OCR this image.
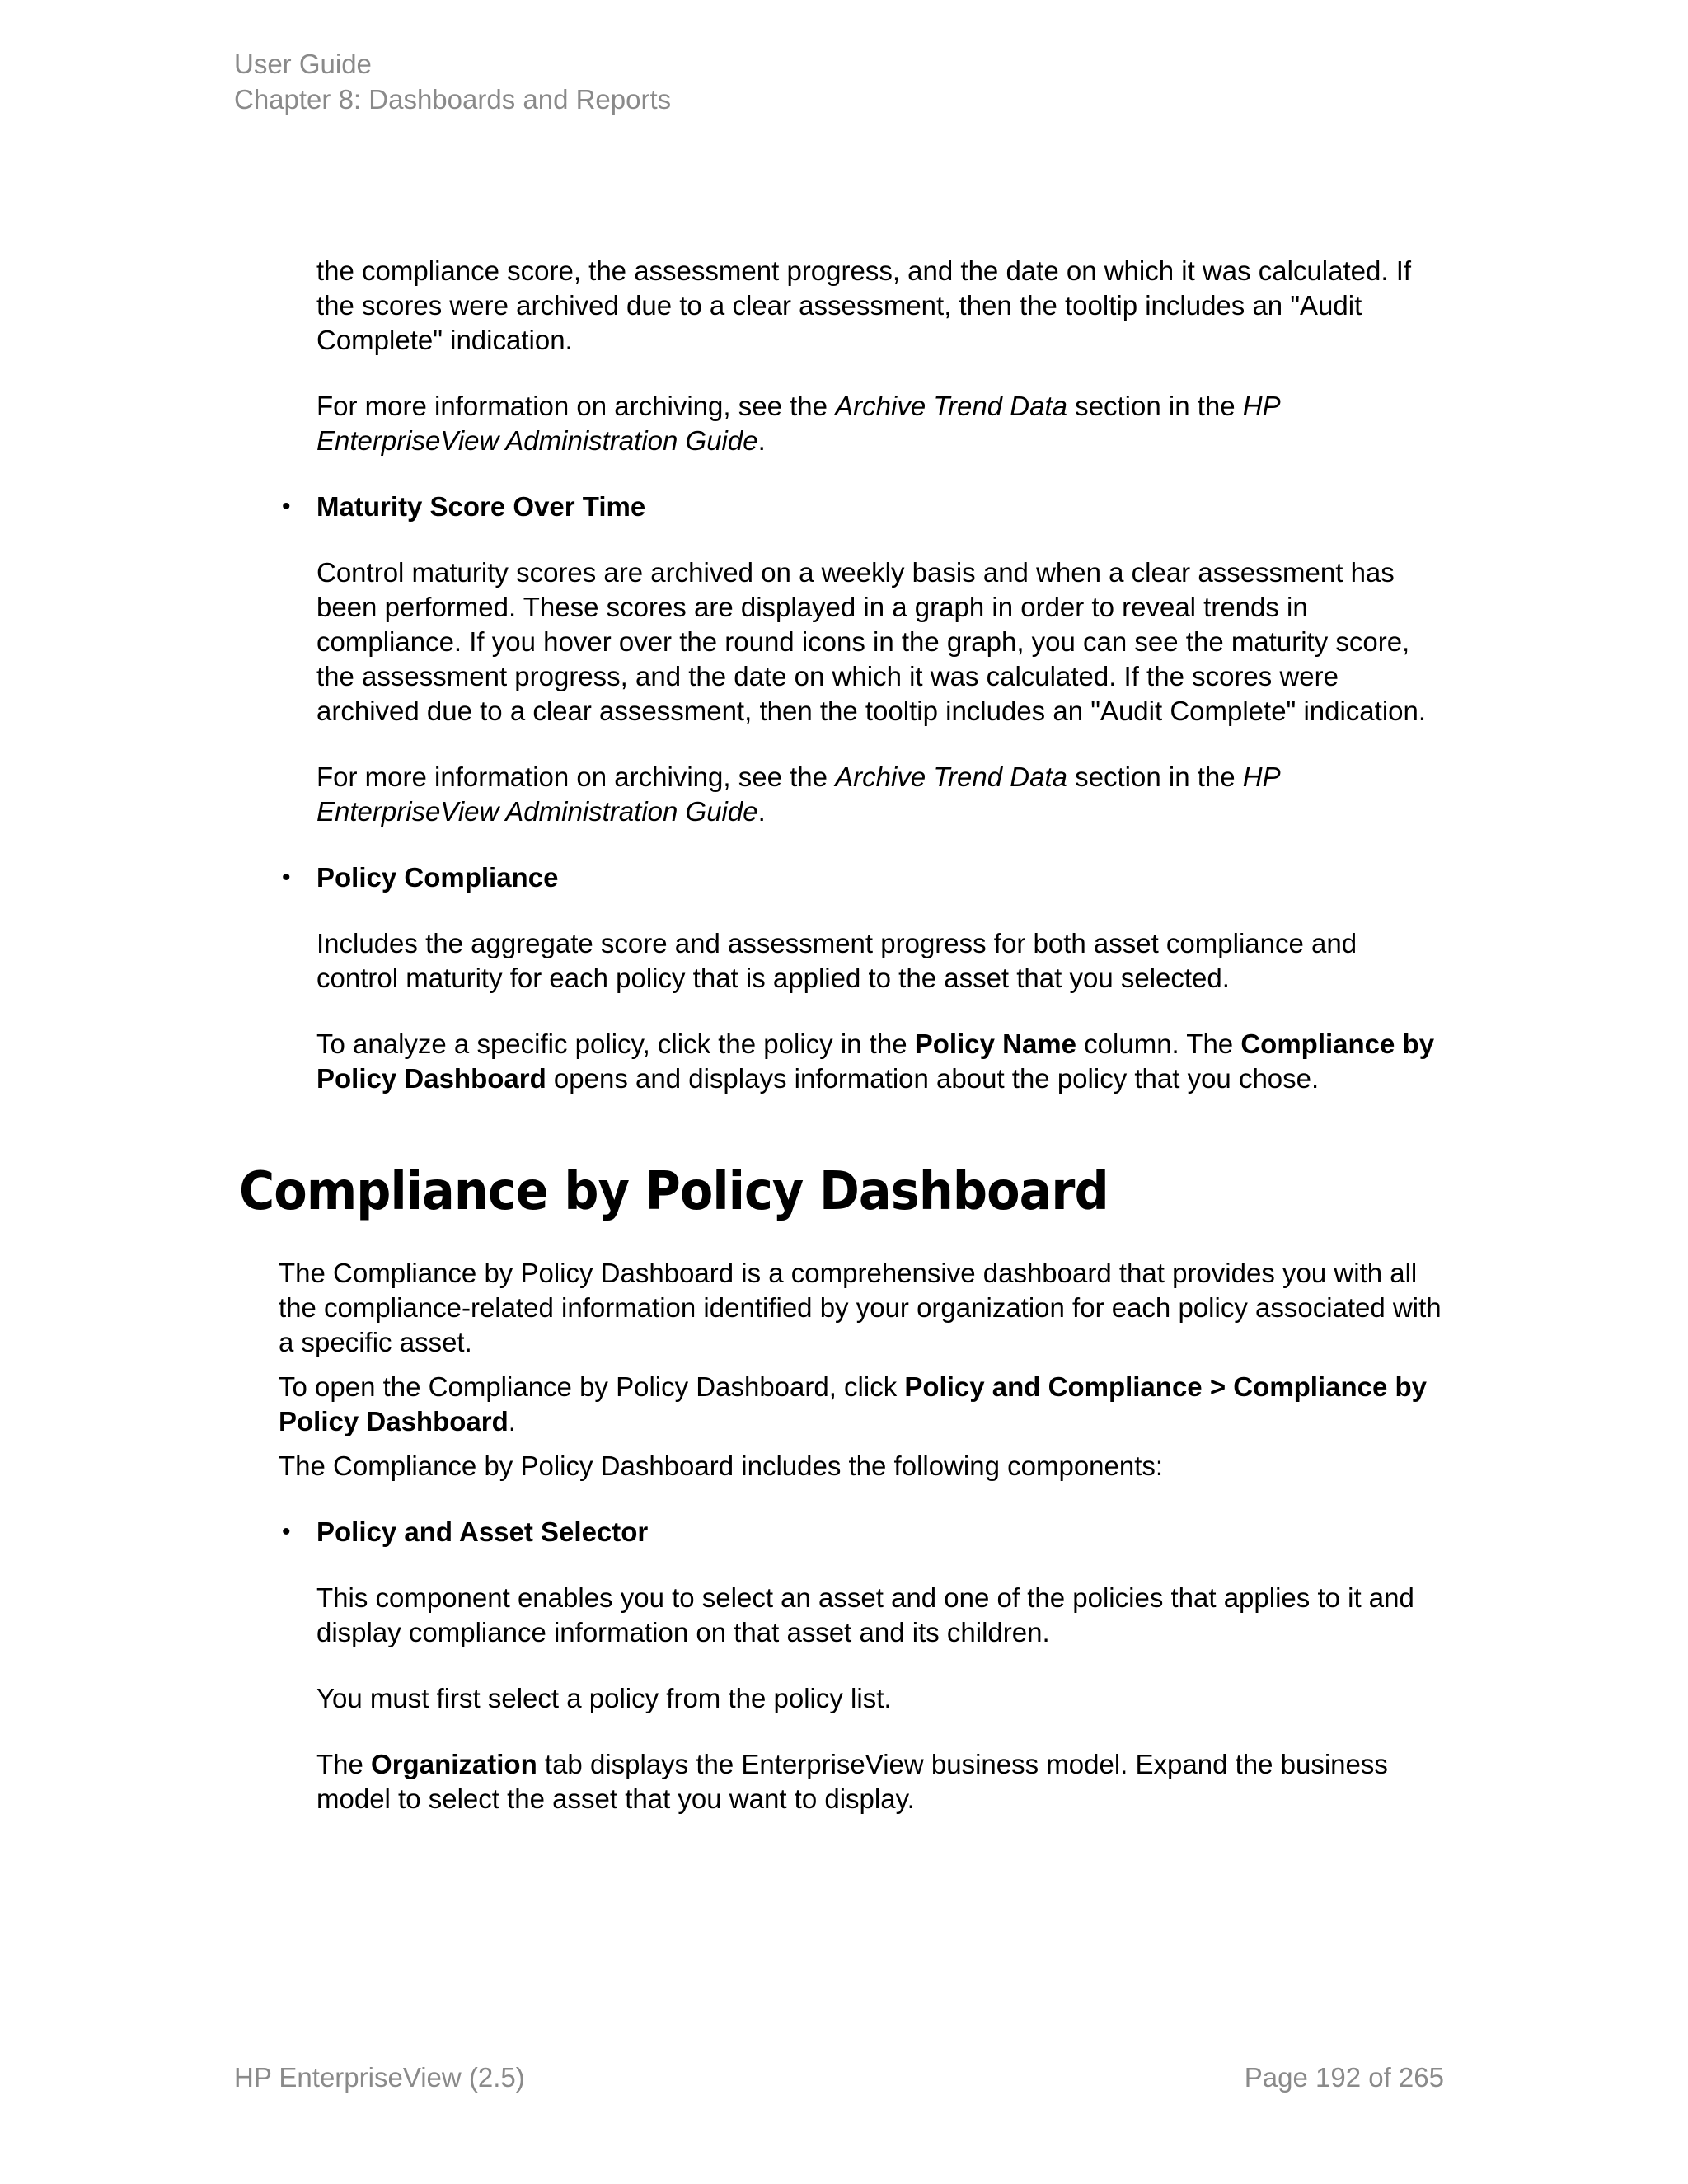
User Guide
Chapter 8: Dashboards and Reports

the compliance score, the assessment progress, and the date on which it was calculated. If the scores were archived due to a clear assessment, then the tooltip includes an "Audit Complete" indication.

For more information on archiving, see the Archive Trend Data section in the HP EnterpriseView Administration Guide.

• Maturity Score Over Time

Control maturity scores are archived on a weekly basis and when a clear assessment has been performed. These scores are displayed in a graph in order to reveal trends in compliance. If you hover over the round icons in the graph, you can see the maturity score, the assessment progress, and the date on which it was calculated. If the scores were archived due to a clear assessment, then the tooltip includes an "Audit Complete" indication.

For more information on archiving, see the Archive Trend Data section in the HP EnterpriseView Administration Guide.

• Policy Compliance

Includes the aggregate score and assessment progress for both asset compliance and control maturity for each policy that is applied to the asset that you selected.

To analyze a specific policy, click the policy in the Policy Name column. The Compliance by Policy Dashboard opens and displays information about the policy that you chose.

Compliance by Policy Dashboard

The Compliance by Policy Dashboard is a comprehensive dashboard that provides you with all the compliance-related information identified by your organization for each policy associated with a specific asset.

To open the Compliance by Policy Dashboard, click Policy and Compliance > Compliance by Policy Dashboard.

The Compliance by Policy Dashboard includes the following components:

• Policy and Asset Selector

This component enables you to select an asset and one of the policies that applies to it and display compliance information on that asset and its children.

You must first select a policy from the policy list.

The Organization tab displays the EnterpriseView business model. Expand the business model to select the asset that you want to display.

HP EnterpriseView (2.5)	Page 192 of 265
